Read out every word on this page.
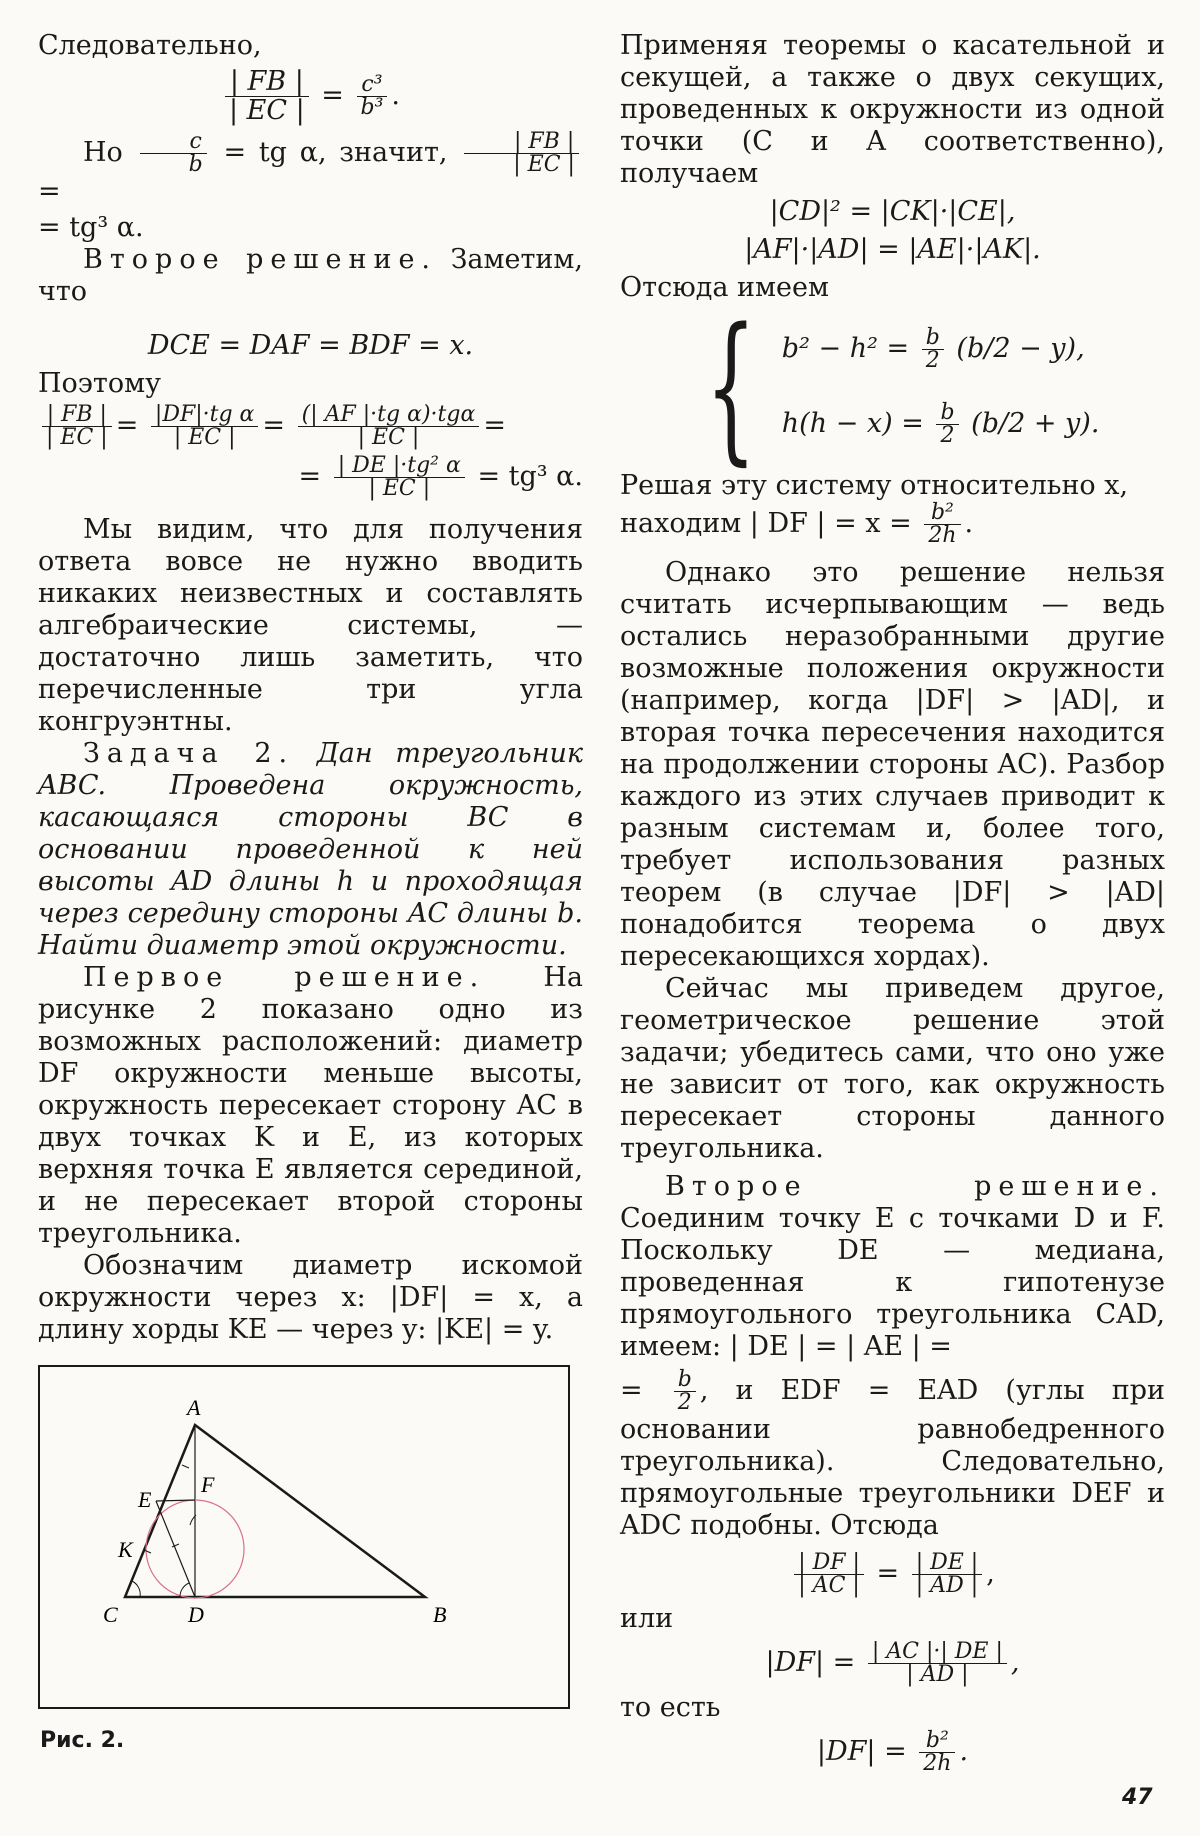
Следовательно,

$\frac{| FB |}{| EC |} = \frac{\text{c³}}{\text{b³}}$ .

Но $\frac{c}{b}$ = tg α, значит, $\frac{| FB |}{| EC |}$
=

= tg³ α.

Второе решение. Заметим, что

DCE = DAF = BDF = x.

Поэтому

$\frac{| FB |}{| EC |} = \frac{\text{|DF|·tg α}}{| EC |} = \frac{\text{(| AF |·tg α)·tgα}}{| EC |}$ =
= $\frac{\text{| DE |·tg² α}}{| EC |} = tg^3$ α.

Мы видим, что для получения ответа вовсе не нужно вводить никаких неизвестных и составлять алгебраические системы, — достаточно лишь заметить, что перечисленные три угла конгруэнтны.

Задача 2. Дан треугольник ABC. Проведена окружность, касающаяся стороны BC в основании проведенной к ней высоты AD длины h и проходящая через середину стороны AC длины b. Найти диаметр этой окружности.

Первое решение. На рисунке 2 показано одно из возможных расположений: диаметр DF окружности меньше высоты, окружность пересекает сторону AC в двух точках K и E, из которых верхняя точка E является серединой, и не пересекает второй стороны треугольника.

Обозначим диаметр искомой окружности через x: |DF| = x, а длину хорды KE — через y: |KE| = y.

A
B
C	D
E
F
K
Рис. 2.

Применяя теоремы о касательной и секущей, а также о двух секущих, проведенных к окружности из одной точки (C и A соответственно), получаем

|CD|² = |CK|·|CE|,
|AF|·|AD| = |AE|·|AK|.

Отсюда имеем

{ $b^2 - h^2 = \frac{b}{2} (b/2 - y)$,
$h(h - x) = \frac{b}{2} (b/2 + y)$.

Решая эту систему относительно x,

находим | DF | = $x = \frac{\text{b²}}{2h}$ .

Однако это решение нельзя считать исчерпывающим — ведь остались неразобранными другие возможные положения окружности (например, когда |DF| > |AD|, и вторая точка пересечения находится на продолжении стороны AC). Разбор каждого из этих случаев приводит к разным системам и, более того, требует использования разных теорем (в случае |DF| > |AD| понадобится теорема о двух пересекающихся хордах).

Сейчас мы приведем другое, геометрическое решение этой задачи; убедитесь сами, что оно уже не зависит от того, как окружность пересекает стороны данного треугольника.

Второе решение. Соединим точку E с точками D и F. Поскольку DE — медиана, проведенная к гипотенузе прямоугольного треугольника CAD, имеем: | DE | = | AE | =

= $\frac{b}{2}$ , и EDF = EAD (углы при основании равнобедренного треугольника). Следовательно, прямоугольные треугольники DEF и ADC подобны. Отсюда

$\frac{| DF |}{| AC |} = \frac{| DE |}{| AD |}$ ,

или

$|DF| = \frac{| AC |\cdot| DE |}{| AD |}$ ,

то есть

$|DF| = \frac{\text{b²}}{2h}$ .
47
